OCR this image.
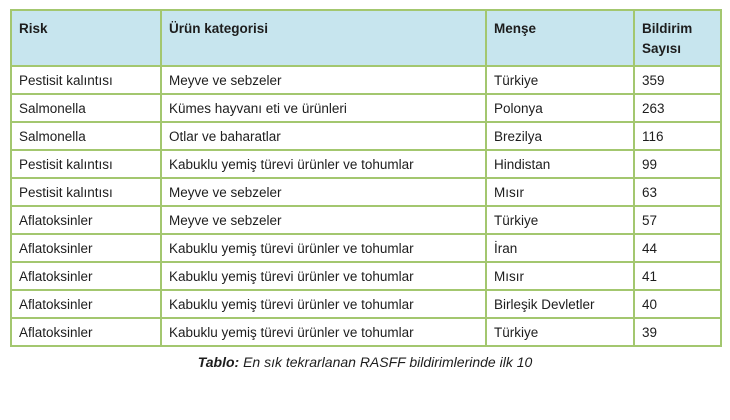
Risk	Ürün kategorisi	Menşe	Bildirim Sayısı
Pestisit kalıntısı	Meyve ve sebzeler	Türkiye	359
Salmonella	Kümes hayvanı eti ve ürünleri	Polonya	263
Salmonella	Otlar ve baharatlar	Brezilya	116
Pestisit kalıntısı	Kabuklu yemiş türevi ürünler ve tohumlar	Hindistan	99
Pestisit kalıntısı	Meyve ve sebzeler	Mısır	63
Aflatoksinler	Meyve ve sebzeler	Türkiye	57
Aflatoksinler	Kabuklu yemiş türevi ürünler ve tohumlar	İran	44
Aflatoksinler	Kabuklu yemiş türevi ürünler ve tohumlar	Mısır	41
Aflatoksinler	Kabuklu yemiş türevi ürünler ve tohumlar	Birleşik Devletler	40
Aflatoksinler	Kabuklu yemiş türevi ürünler ve tohumlar	Türkiye	39
Tablo: En sık tekrarlanan RASFF bildirimlerinde ilk 10
